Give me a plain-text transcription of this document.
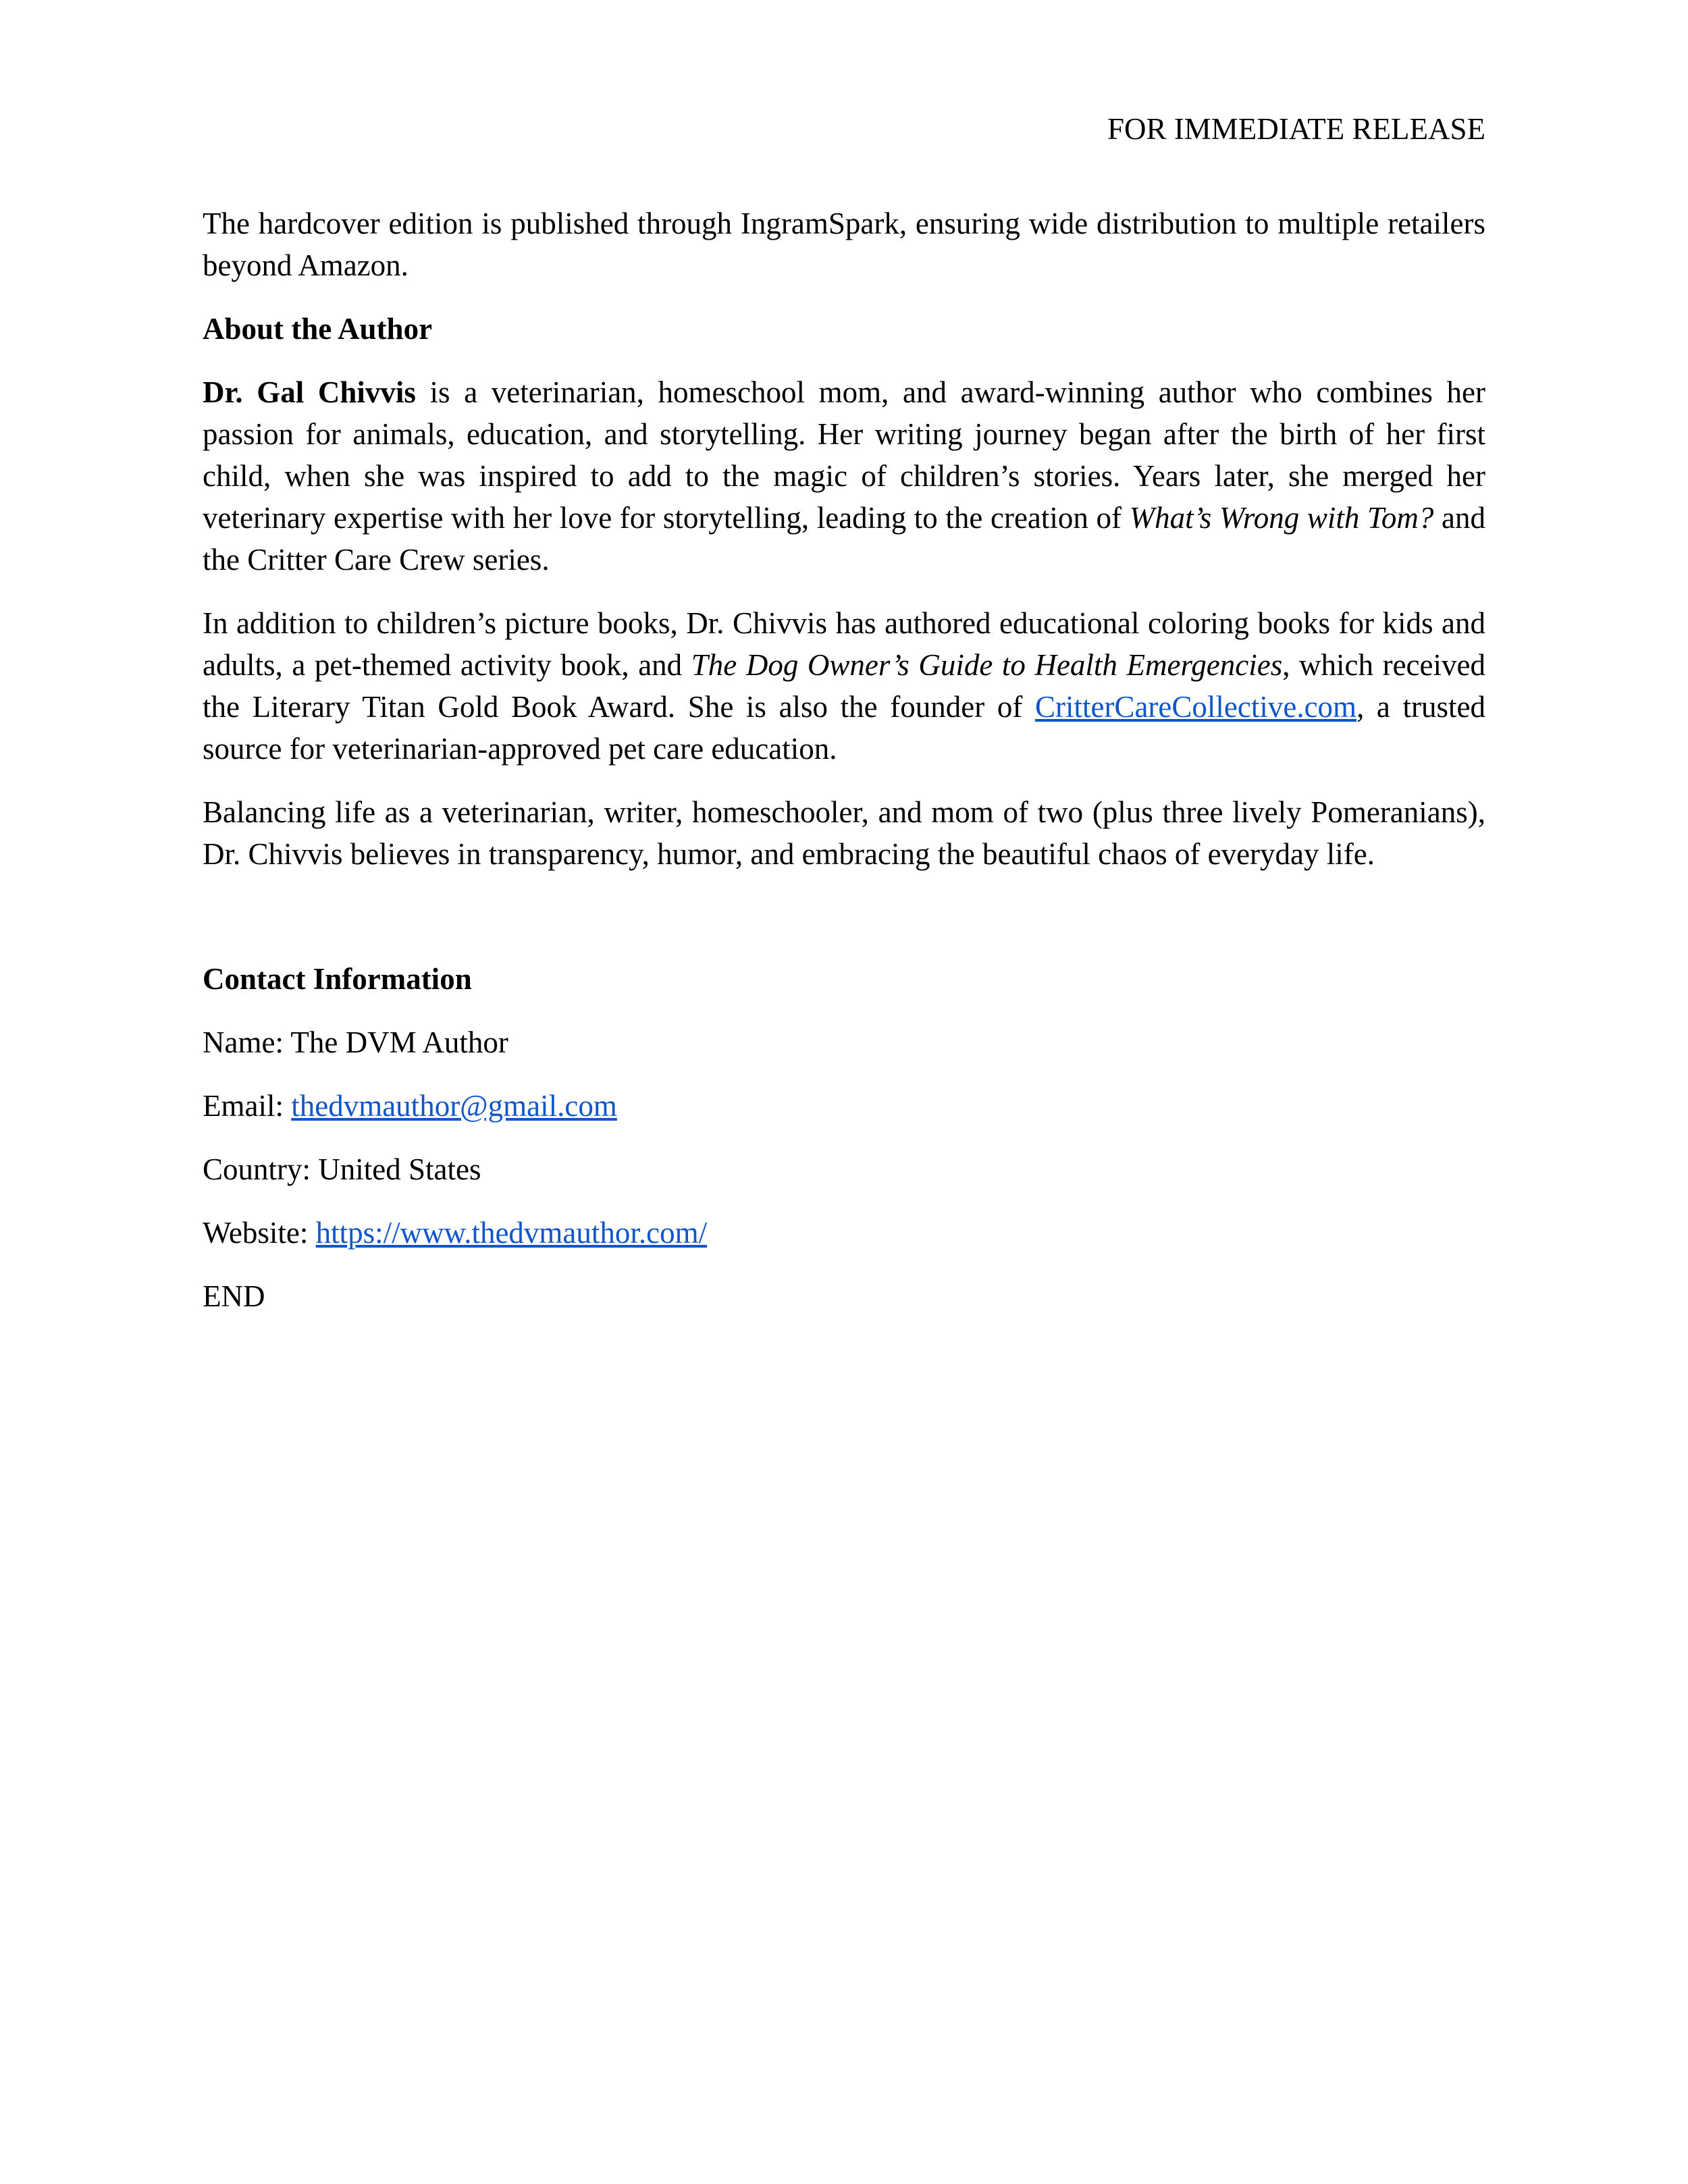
FOR IMMEDIATE RELEASE

The hardcover edition is published through IngramSpark, ensuring wide distribution to multiple retailers beyond Amazon.

About the Author

Dr. Gal Chivvis is a veterinarian, homeschool mom, and award-winning author who combines her passion for animals, education, and storytelling. Her writing journey began after the birth of her first child, when she was inspired to add to the magic of children’s stories. Years later, she merged her veterinary expertise with her love for storytelling, leading to the creation of What’s Wrong with Tom? and the Critter Care Crew series.

In addition to children’s picture books, Dr. Chivvis has authored educational coloring books for kids and adults, a pet-themed activity book, and The Dog Owner’s Guide to Health Emergencies, which received the Literary Titan Gold Book Award. She is also the founder of CritterCareCollective.com, a trusted source for veterinarian-approved pet care education.

Balancing life as a veterinarian, writer, homeschooler, and mom of two (plus three lively Pomeranians), Dr. Chivvis believes in transparency, humor, and embracing the beautiful chaos of everyday life.

Contact Information

Name: The DVM Author

Email: thedvmauthor@gmail.com

Country: United States

Website: https://www.thedvmauthor.com/

END
